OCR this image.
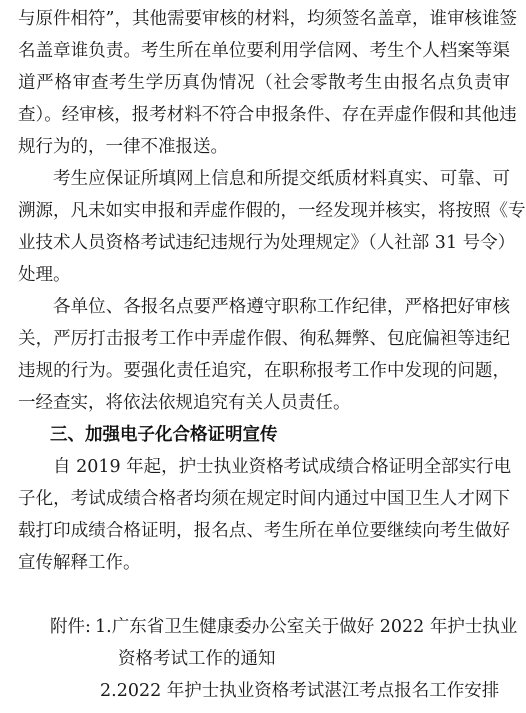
与原件相符”，其他需要审核的材料，均须签名盖章，谁审核谁签
名盖章谁负责。考生所在单位要利用学信网、考生个人档案等渠
道严格审查考生学历真伪情况（社会零散考生由报名点负责审
查）。经审核，报考材料不符合申报条件、存在弄虚作假和其他违
规行为的，一律不准报送。
考生应保证所填网上信息和所提交纸质材料真实、可靠、可
溯源，凡未如实申报和弄虚作假的，一经发现并核实，将按照《专
业技术人员资格考试违纪违规行为处理规定》（人社部 31 号令）
处理。
各单位、各报名点要严格遵守职称工作纪律，严格把好审核
关，严厉打击报考工作中弄虚作假、徇私舞弊、包庇偏袒等违纪
违规的行为。要强化责任追究，在职称报考工作中发现的问题，
一经查实，将依法依规追究有关人员责任。
三、加强电子化合格证明宣传
自 2019 年起，护士执业资格考试成绩合格证明全部实行电
子化，考试成绩合格者均须在规定时间内通过中国卫生人才网下
载打印成绩合格证明，报名点、考生所在单位要继续向考生做好
宣传解释工作。
附件: 1.广东省卫生健康委办公室关于做好 2022 年护士执业
资格考试工作的通知
2.2022 年护士执业资格考试湛江考点报名工作安排
